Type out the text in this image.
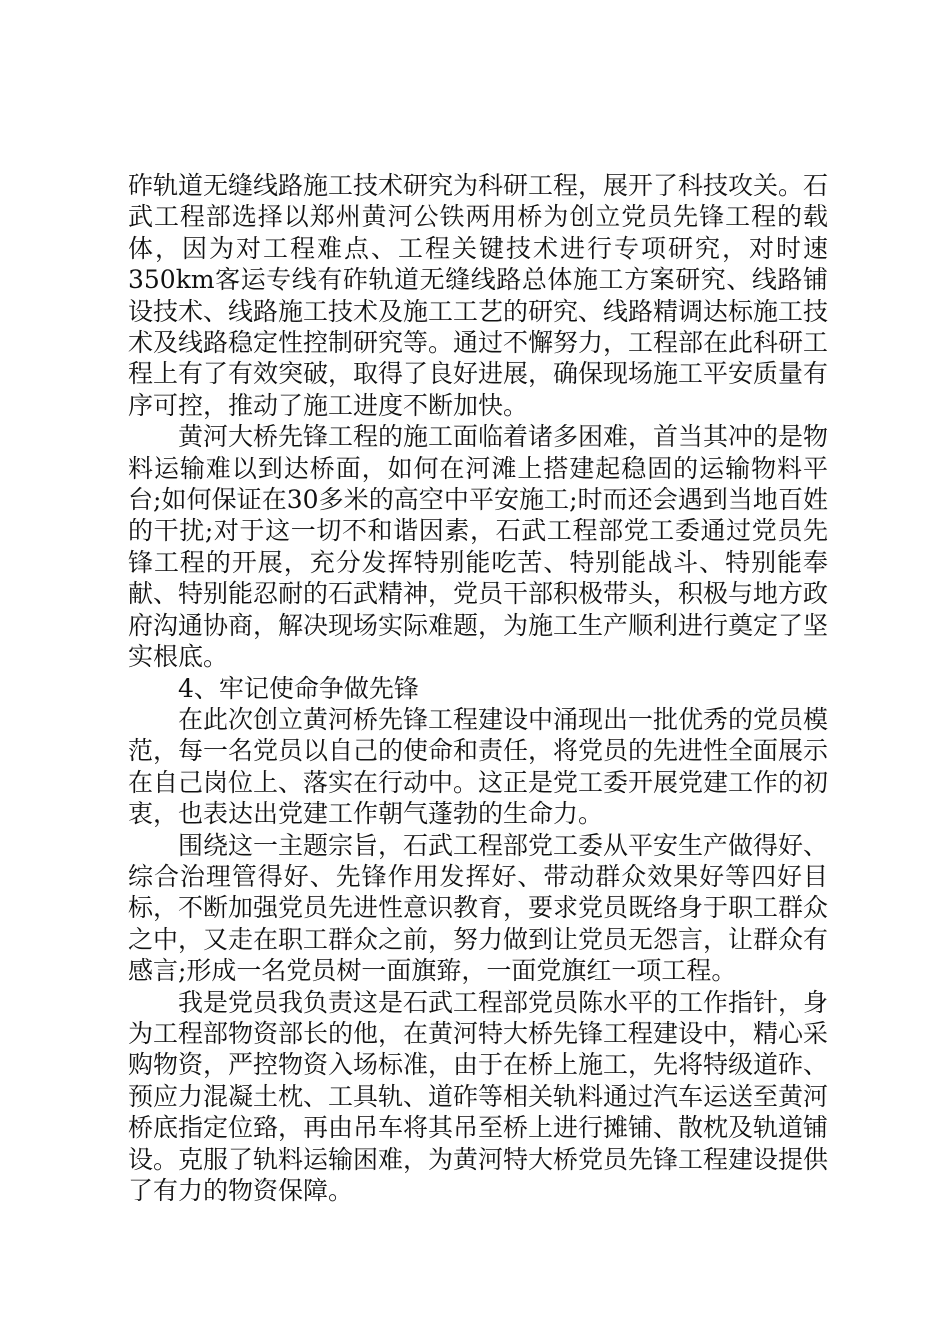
砟轨道无缝线路施工技术研究为科研工程，展开了科技攻关。石武工程部选择以郑州黄河公铁两用桥为创立党员先锋工程的载体，因为对工程难点、工程关键技术进行专项研究，对时速350km客运专线有砟轨道无缝线路总体施工方案研究、线路铺设技术、线路施工技术及施工工艺的研究、线路精调达标施工技术及线路稳定性控制研究等。通过不懈努力，工程部在此科研工程上有了有效突破，取得了良好进展，确保现场施工平安质量有序可控，推动了施工进度不断加快。

黄河大桥先锋工程的施工面临着诸多困难，首当其冲的是物料运输难以到达桥面，如何在河滩上搭建起稳固的运输物料平台;如何保证在30多米的高空中平安施工;时而还会遇到当地百姓的干扰;对于这一切不和谐因素，石武工程部党工委通过党员先锋工程的开展，充分发挥特别能吃苦、特别能战斗、特别能奉献、特别能忍耐的石武精神，党员干部积极带头，积极与地方政府沟通协商，解决现场实际难题，为施工生产顺利进行奠定了坚实根底。

4、牢记使命争做先锋

在此次创立黄河桥先锋工程建设中涌现出一批优秀的党员模范，每一名党员以自己的使命和责任，将党员的先进性全面展示在自己岗位上、落实在行动中。这正是党工委开展党建工作的初衷，也表达出党建工作朝气蓬勃的生命力。

围绕这一主题宗旨，石武工程部党工委从平安生产做得好、综合治理管得好、先锋作用发挥好、带动群众效果好等四好目标，不断加强党员先进性意识教育，要求党员既络身于职工群众之中，又走在职工群众之前，努力做到让党员无怨言，让群众有感言;形成一名党员树一面旗臶，一面党旗红一项工程。

我是党员我负责这是石武工程部党员陈水平的工作指针，身为工程部物资部长的他，在黄河特大桥先锋工程建设中，精心采购物资，严控物资入场标准，由于在桥上施工，先将特级道砟、预应力混凝土枕、工具轨、道砟等相关轨料通过汽车运送至黄河桥底指定位臵，再由吊车将其吊至桥上进行摊铺、散枕及轨道铺设。克服了轨料运输困难，为黄河特大桥党员先锋工程建设提供了有力的物资保障。
